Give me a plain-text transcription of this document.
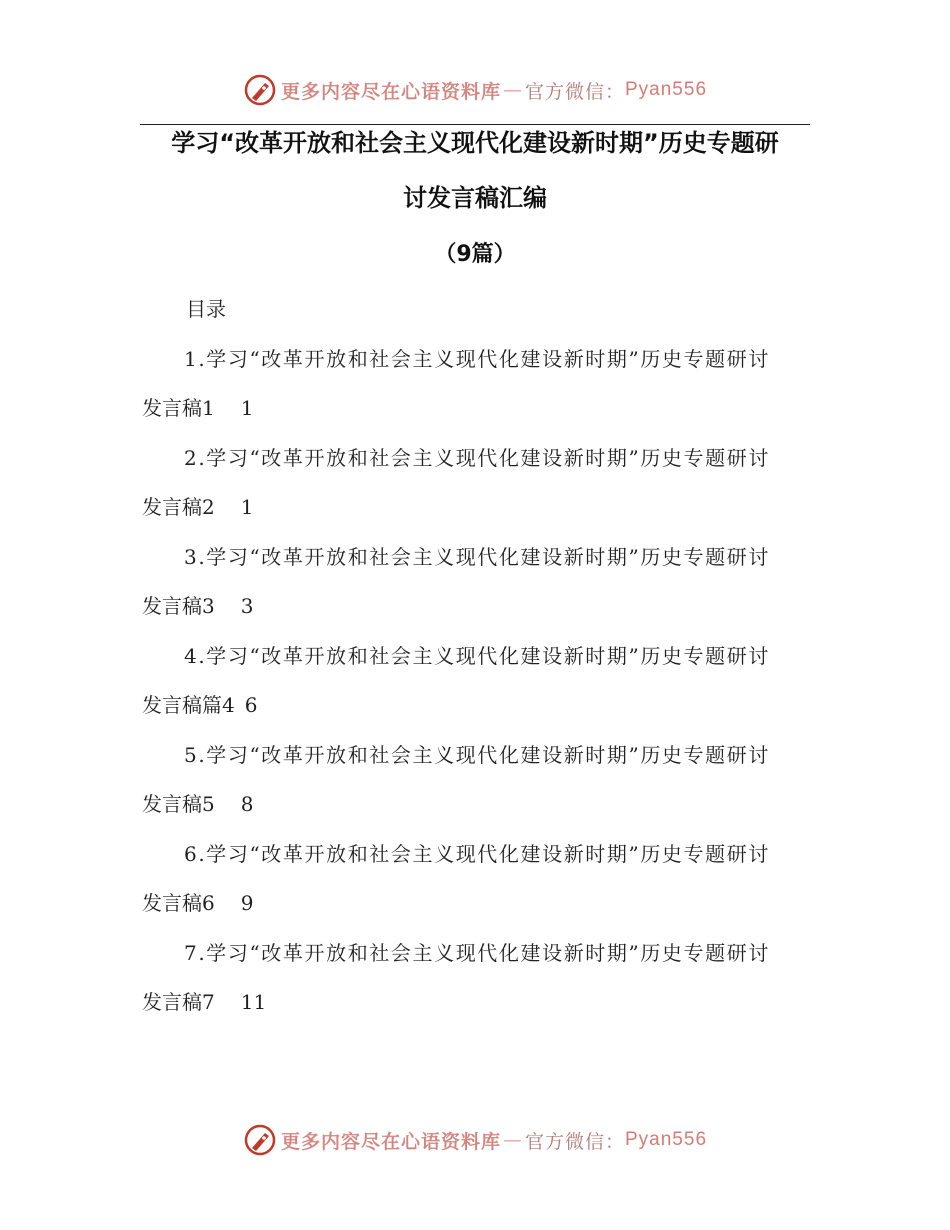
更多内容尽在心语资料库 — 官方微信： Pyan556
学习“改革开放和社会主义现代化建设新时期”历史专题研
讨发言稿汇编
（9篇）
目录
1.学习“改革开放和社会主义现代化建设新时期”历史专题研讨
发言稿1 1
2.学习“改革开放和社会主义现代化建设新时期”历史专题研讨
发言稿2 1
3.学习“改革开放和社会主义现代化建设新时期”历史专题研讨
发言稿3 3
4.学习“改革开放和社会主义现代化建设新时期”历史专题研讨
发言稿篇4 6
5.学习“改革开放和社会主义现代化建设新时期”历史专题研讨
发言稿5 8
6.学习“改革开放和社会主义现代化建设新时期”历史专题研讨
发言稿6 9
7.学习“改革开放和社会主义现代化建设新时期”历史专题研讨
发言稿7 11
更多内容尽在心语资料库 — 官方微信： Pyan556
